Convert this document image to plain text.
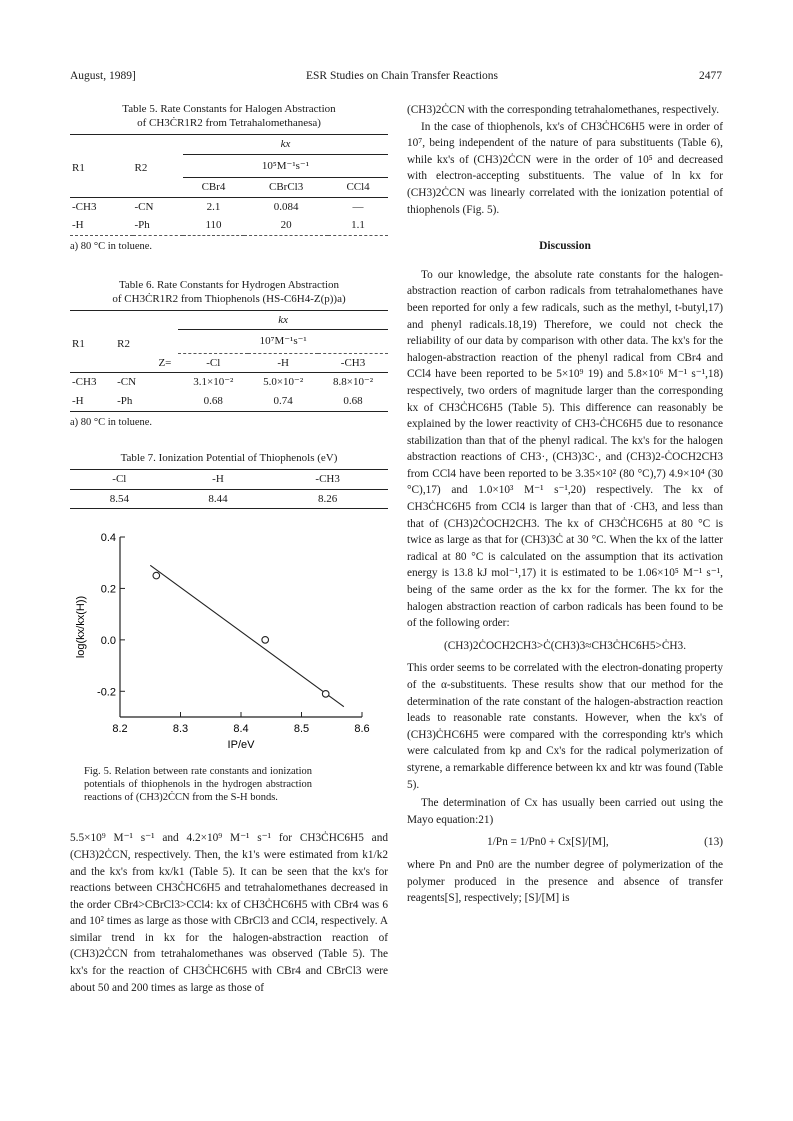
August, 1989]	ESR Studies on Chain Transfer Reactions	2477
Table 5. Rate Constants for Halogen Abstraction
of CH3ĊR1R2 from Tetrahalomethanesa)
		kx		
R1	R2	10⁵M⁻¹s⁻¹		
		CBr4	CBrCl3	CCl4
-CH3	-CN	2.1	0.084	—
-H	-Ph	110	20	1.1

a) 80 °C in toluene.
Table 6. Rate Constants for Hydrogen Abstraction
of CH3ĊR1R2 from Thiophenols (HS-C6H4-Z(p))a)
			kx		
R1	R2		10⁷M⁻¹s⁻¹		
		Z=	-Cl	-H	-CH3
-CH3	-CN		3.1×10⁻²	5.0×10⁻²	8.8×10⁻²
-H	-Ph		0.68	0.74	0.68

a) 80 °C in toluene.
Table 7. Ionization Potential of Thiophenols (eV)
-Cl	-H	-CH3
8.54	8.44	8.26

8.2	8.3	8.4	8.5	8.6
0.4
0.2
0.0
-0.2
IP/eV
log(kx/kx(H))
Fig. 5. Relation between rate constants and ionization potentials of thiophenols in the hydrogen abstraction reactions of (CH3)2ĊCN from the S-H bonds.

5.5×10⁹ M⁻¹ s⁻¹ and 4.2×10⁹ M⁻¹ s⁻¹ for CH3ĊHC6H5 and (CH3)2ĊCN, respectively. Then, the k1's were estimated from k1/k2 and the kx's from kx/k1 (Table 5). It can be seen that the kx's for reactions between CH3ĊHC6H5 and tetrahalomethanes decreased in the order CBr4>CBrCl3>CCl4: kx of CH3ĊHC6H5 with CBr4 was 6 and 10² times as large as those with CBrCl3 and CCl4, respectively. A similar trend in kx for the halogen-abstraction reaction of (CH3)2ĊCN from tetrahalomethanes was observed (Table 5). The kx's for the reaction of CH3ĊHC6H5 with CBr4 and CBrCl3 were about 50 and 200 times as large as those of

(CH3)2ĊCN with the corresponding tetrahalomethanes, respectively.

In the case of thiophenols, kx's of CH3ĊHC6H5 were in order of 10⁷, being independent of the nature of para substituents (Table 6), while kx's of (CH3)2ĊCN were in the order of 10⁵ and decreased with electron-accepting substituents. The value of ln kx for (CH3)2ĊCN was linearly correlated with the ionization potential of thiophenols (Fig. 5).

Discussion

To our knowledge, the absolute rate constants for the halogen-abstraction reaction of carbon radicals from tetrahalomethanes have been reported for only a few radicals, such as the methyl, t-butyl,17) and phenyl radicals.18,19) Therefore, we could not check the reliability of our data by comparison with other data. The kx's for the halogen-abstraction reaction of the phenyl radical from CBr4 and CCl4 have been reported to be 5×10⁹ 19) and 5.8×10⁶ M⁻¹ s⁻¹,18) respectively, two orders of magnitude larger than the corresponding kx of CH3ĊHC6H5 (Table 5). This difference can reasonably be explained by the lower reactivity of CH3-ĊHC6H5 due to resonance stabilization than that of the phenyl radical. The kx's for the halogen abstraction reactions of CH3·, (CH3)3C·, and (CH3)2-ĊOCH2CH3 from CCl4 have been reported to be 3.35×10² (80 °C),7) 4.9×10⁴ (30 °C),17) and 1.0×10³ M⁻¹ s⁻¹,20) respectively. The kx of CH3ĊHC6H5 from CCl4 is larger than that of ·CH3, and less than that of (CH3)2ĊOCH2CH3. The kx of CH3ĊHC6H5 at 80 °C is twice as large as that for (CH3)3Ċ at 30 °C. When the kx of the latter radical at 80 °C is calculated on the assumption that its activation energy is 13.8 kJ mol⁻¹,17) it is estimated to be 1.06×10⁵ M⁻¹ s⁻¹, being of the same order as the kx for the former. The kx for the halogen abstraction reaction of carbon radicals has been found to be of the following order:

(CH3)2ĊOCH2CH3>Ċ(CH3)3≈CH3ĊHC6H5>ĊH3.

This order seems to be correlated with the electron-donating property of the α-substituents. These results show that our method for the determination of the rate constant of the halogen-abstraction reaction leads to reasonable rate constants. However, when the kx's of (CH3)ĊHC6H5 were compared with the corresponding ktr's which were calculated from kp and Cx's for the radical polymerization of styrene, a remarkable difference between kx and ktr was found (Table 5).

The determination of Cx has usually been carried out using the Mayo equation:21)

1/Pn = 1/Pn0 + Cx[S]/[M],	(13)

where Pn and Pn0 are the number degree of polymerization of the polymer produced in the presence and absence of transfer reagents[S], respectively; [S]/[M] is
